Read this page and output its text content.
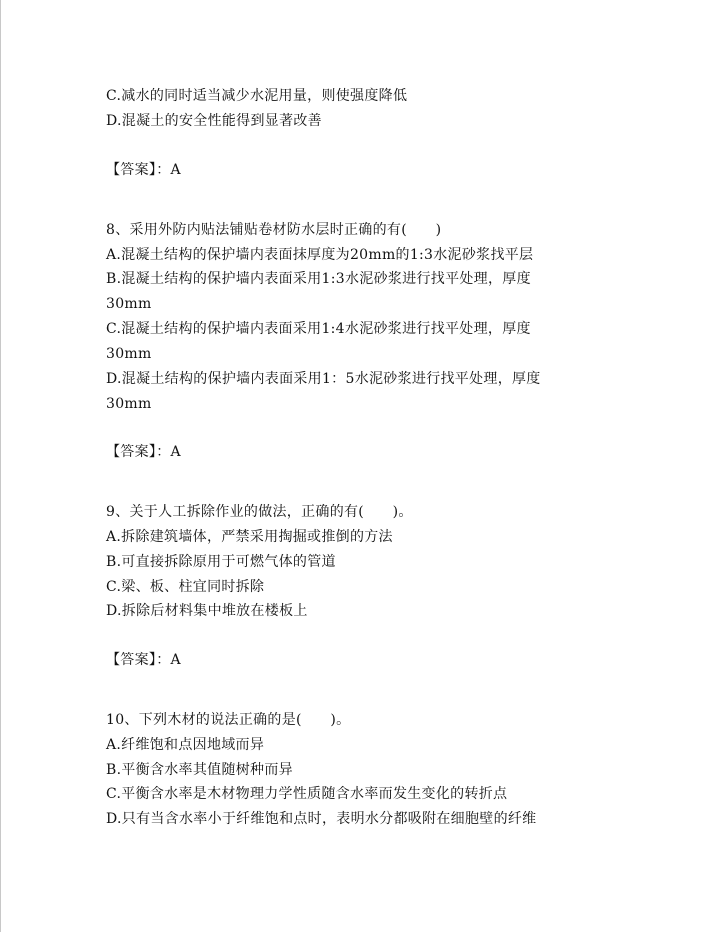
C.减水的同时适当减少水泥用量，则使强度降低
D.混凝土的安全性能得到显著改善
【答案】：A
8、采用外防内贴法铺贴卷材防水层时正确的有(　　)
A.混凝土结构的保护墙内表面抹厚度为20mm的1:3水泥砂浆找平层
B.混凝土结构的保护墙内表面采用1:3水泥砂浆进行找平处理，厚度
30mm
C.混凝土结构的保护墙内表面采用1:4水泥砂浆进行找平处理，厚度
30mm
D.混凝土结构的保护墙内表面采用1：5水泥砂浆进行找平处理，厚度
30mm
【答案】：A
9、关于人工拆除作业的做法，正确的有(　　)。
A.拆除建筑墙体，严禁采用掏掘或推倒的方法
B.可直接拆除原用于可燃气体的管道
C.梁、板、柱宜同时拆除
D.拆除后材料集中堆放在楼板上
【答案】：A
10、下列木材的说法正确的是(　　)。
A.纤维饱和点因地域而异
B.平衡含水率其值随树种而异
C.平衡含水率是木材物理力学性质随含水率而发生变化的转折点
D.只有当含水率小于纤维饱和点时，表明水分都吸附在细胞壁的纤维
